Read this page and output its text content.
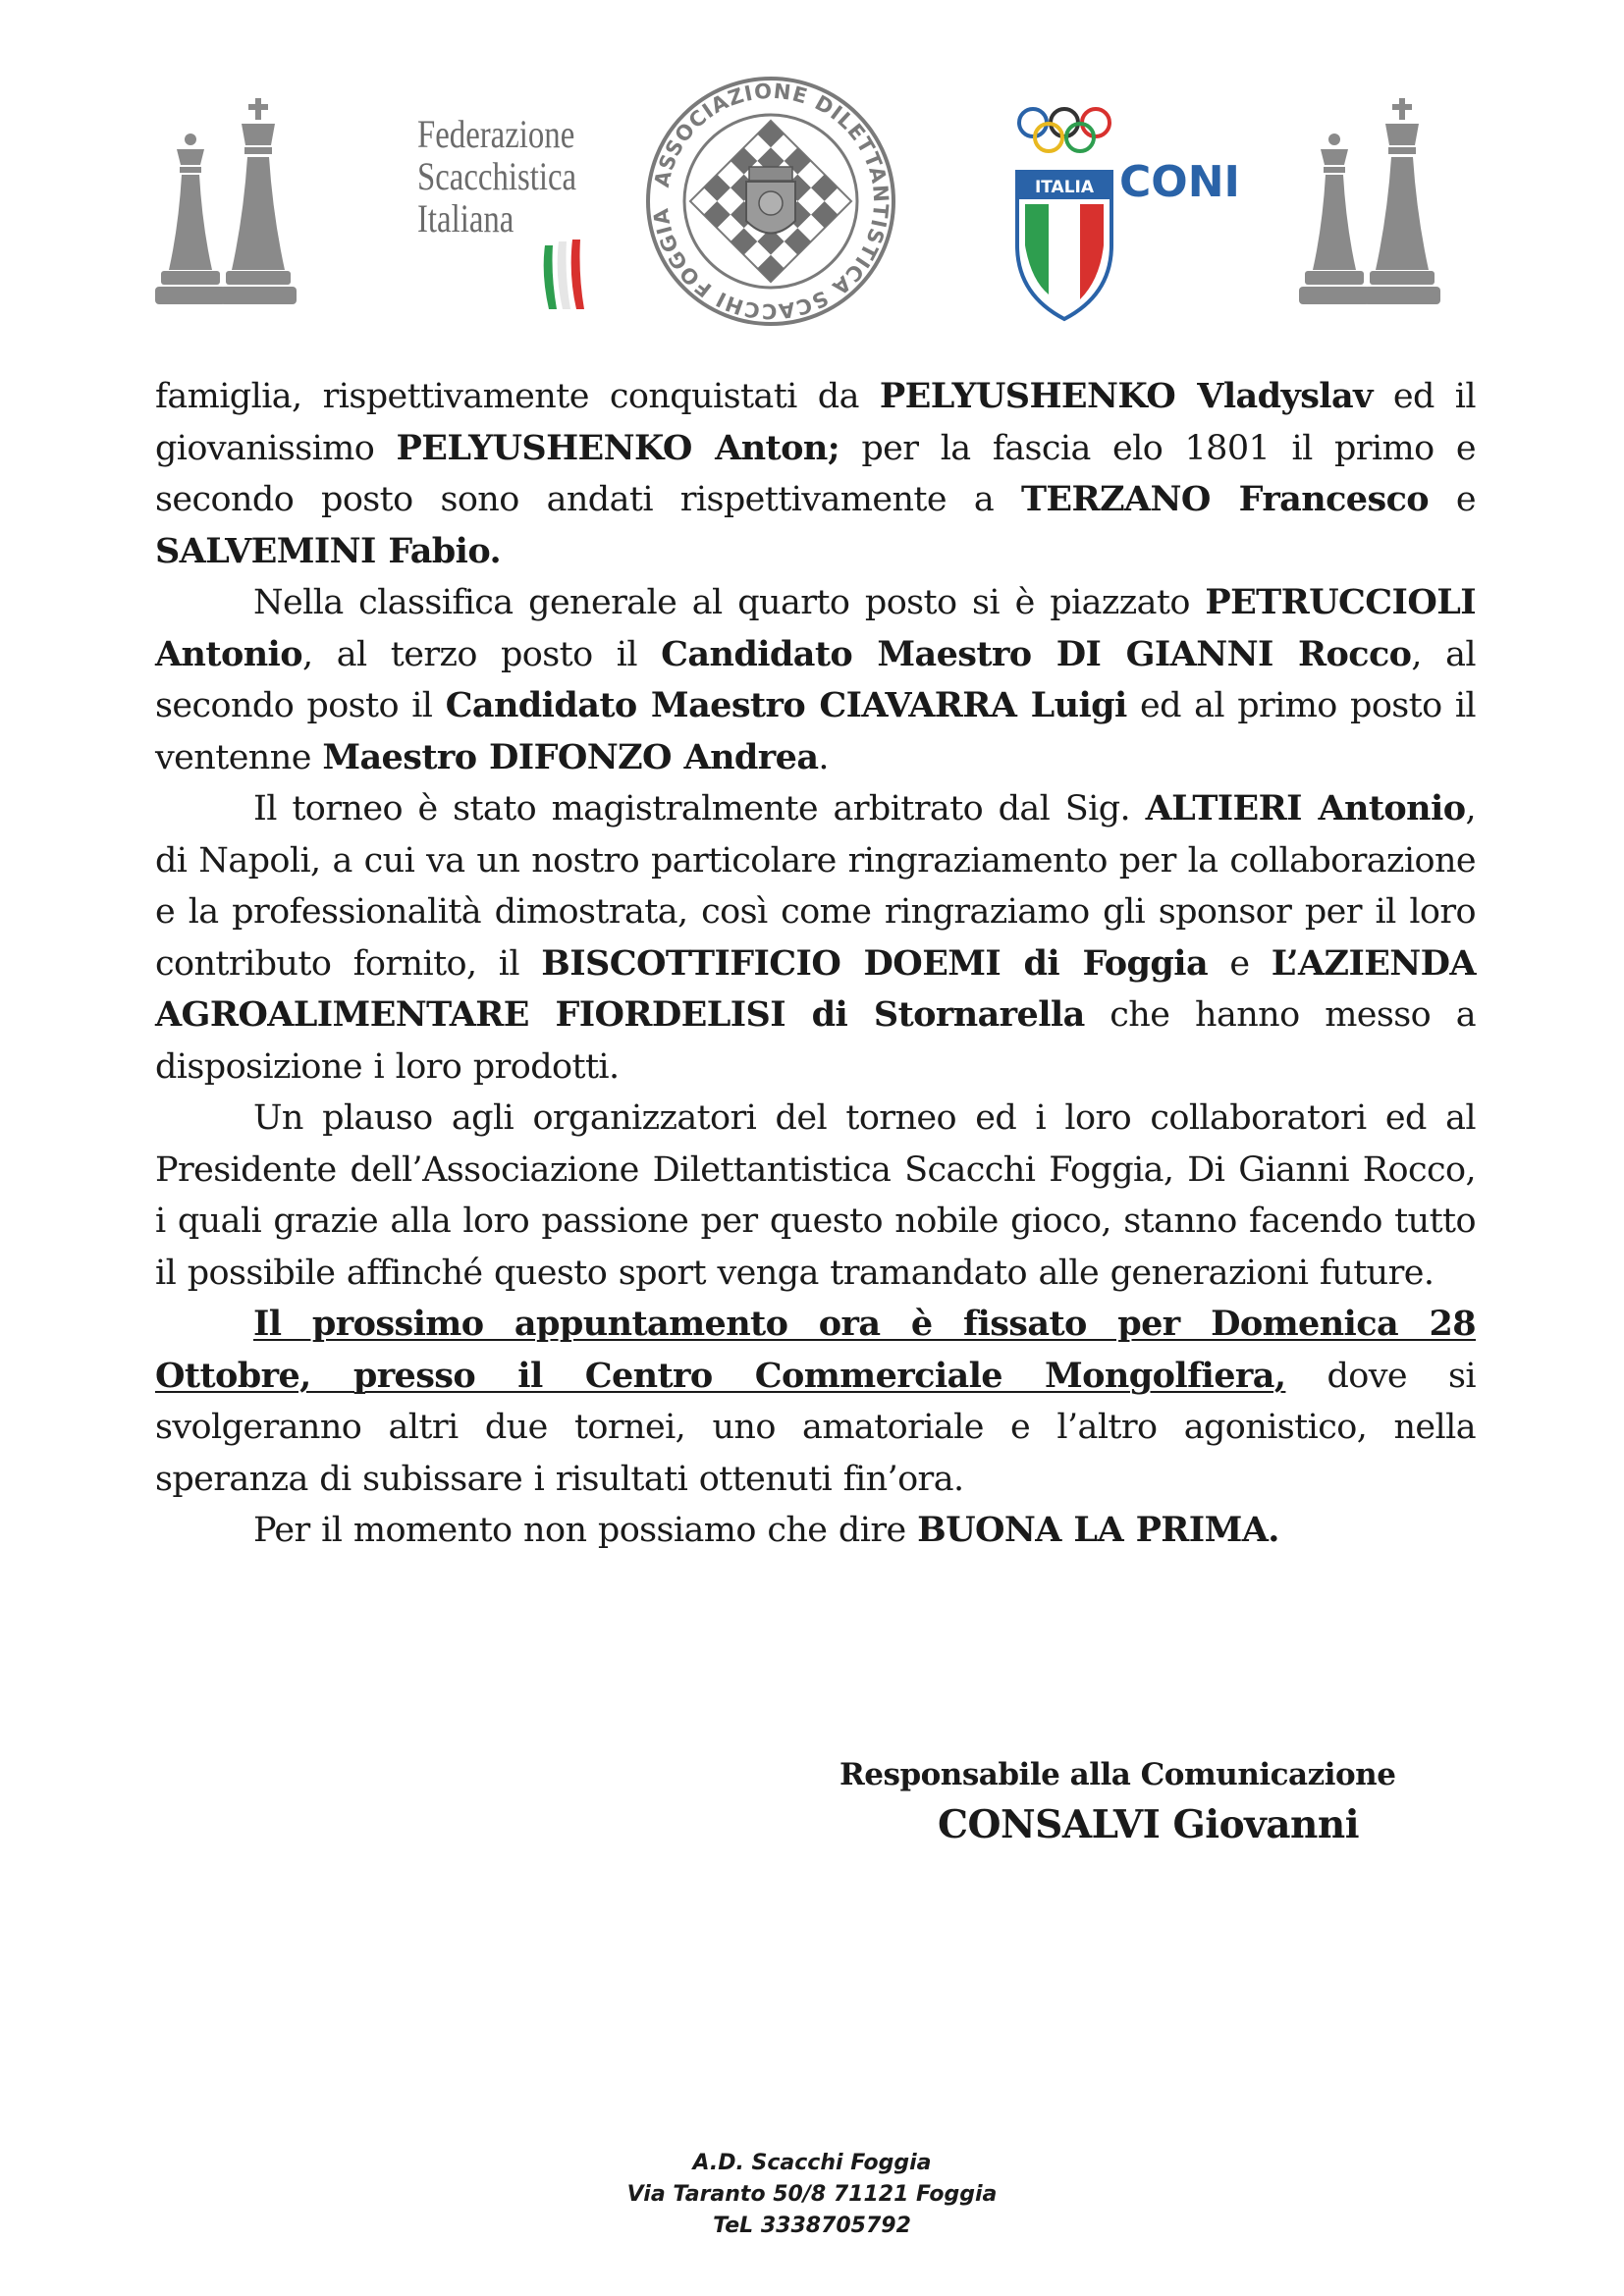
Federazione
Scacchistica
Italiana
ASSOCIAZIONE DILETTANTISTICA SCACCHI FOGGIA
ITALIA CONI

famiglia, rispettivamente conquistati da PELYUSHENKO Vladyslav ed il giovanissimo PELYUSHENKO Anton; per la fascia elo 1801 il primo e secondo posto sono andati rispettivamente a TERZANO Francesco e SALVEMINI Fabio.

Nella classifica generale al quarto posto si è piazzato PETRUCCIOLI Antonio, al terzo posto il Candidato Maestro DI GIANNI Rocco, al secondo posto il Candidato Maestro CIAVARRA Luigi ed al primo posto il ventenne Maestro DIFONZO Andrea.

Il torneo è stato magistralmente arbitrato dal Sig. ALTIERI Antonio, di Napoli, a cui va un nostro particolare ringraziamento per la collaborazione e la professionalità dimostrata, così come ringraziamo gli sponsor per il loro contributo fornito, il BISCOTTIFICIO DOEMI di Foggia e L’AZIENDA AGROALIMENTARE FIORDELISI di Stornarella che hanno messo a disposizione i loro prodotti.

Un plauso agli organizzatori del torneo ed i loro collaboratori ed al Presidente dell’Associazione Dilettantistica Scacchi Foggia, Di Gianni Rocco, i quali grazie alla loro passione per questo nobile gioco, stanno facendo tutto il possibile affinché questo sport venga tramandato alle generazioni future.

Il prossimo appuntamento ora è fissato per Domenica 28 Ottobre, presso il Centro Commerciale Mongolfiera, dove si svolgeranno altri due tornei, uno amatoriale e l’altro agonistico, nella speranza di subissare i risultati ottenuti fin’ora.

Per il momento non possiamo che dire BUONA LA PRIMA.

Responsabile alla Comunicazione
CONSALVI Giovanni
A.D. Scacchi Foggia
Via Taranto 50/8 71121 Foggia
TeL 3338705792
